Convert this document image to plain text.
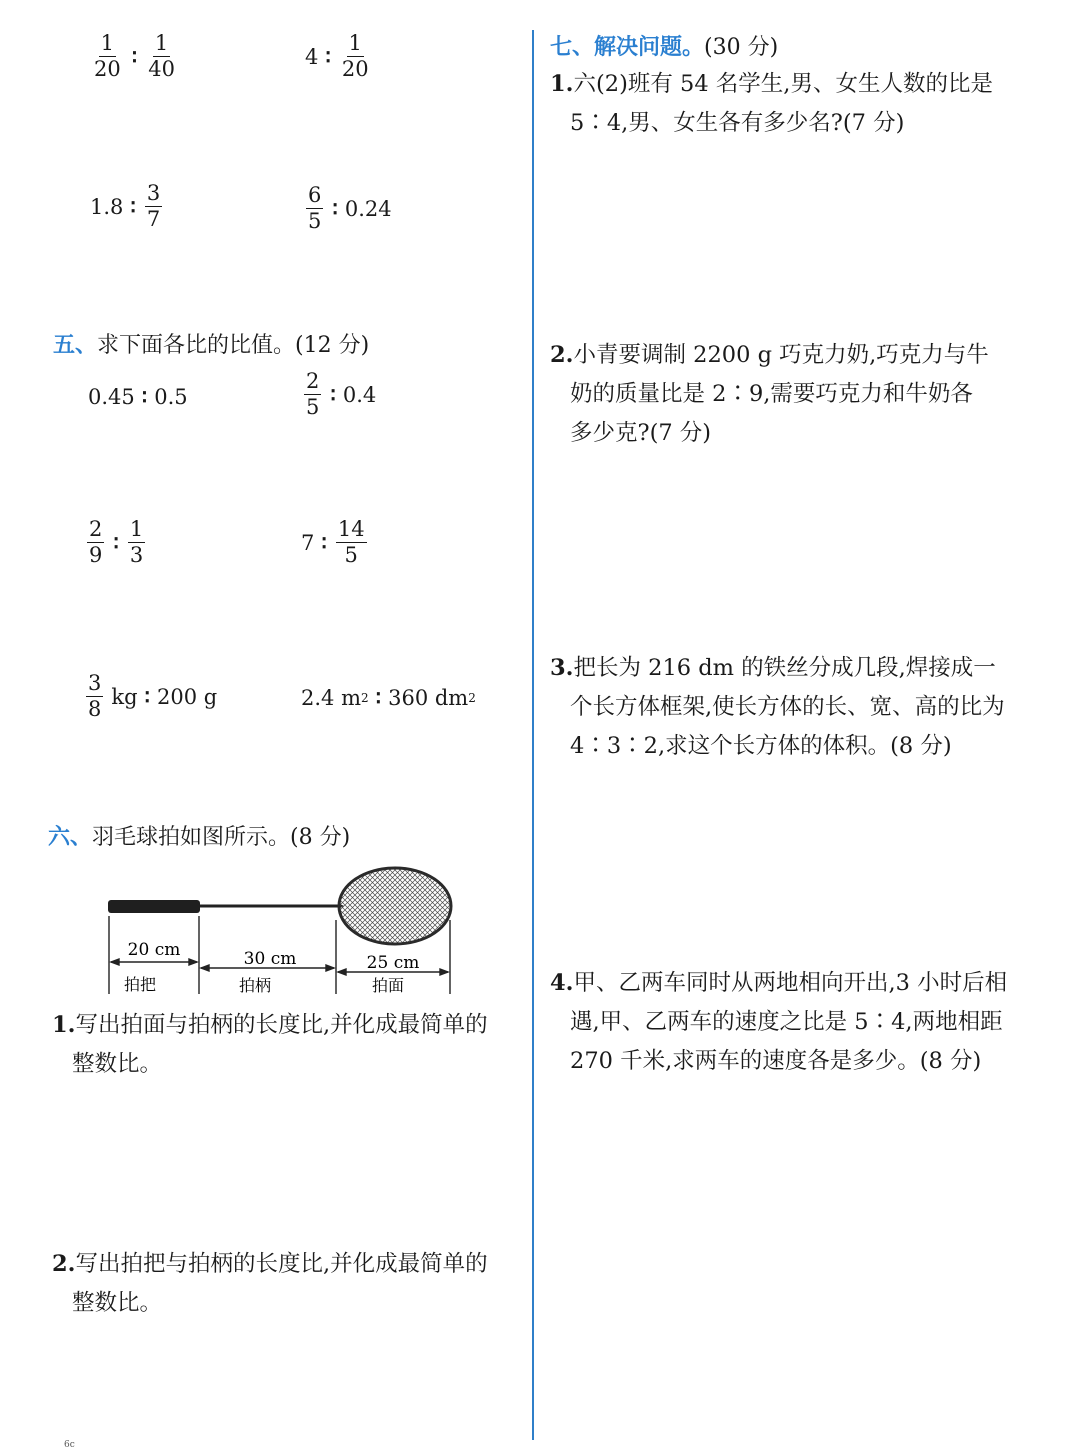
$\frac{1}{20}$ ∶ $\frac{1}{40}$	4 ∶ $\frac{1}{20}$
1.8 ∶ $\frac{3}{7}$	$\frac{6}{5}$ ∶ 0.24
五、求下面各比的比值。(12 分)
0.45 ∶ 0.5	$\frac{2}{5}$ ∶ 0.4
$\frac{2}{9}$ ∶ $\frac{1}{3}$	7 ∶ $\frac{14}{5}$
$\frac{3}{8}$ kg ∶ 200 g	2.4 m 2 ∶ 360 dm 2
六、羽毛球拍如图所示。(8 分)
20 cm	30 cm	25 cm
拍把	拍柄	拍面
1.写出拍面与拍柄的长度比,并化成最简单的
整数比。
2.写出拍把与拍柄的长度比,并化成最简单的
整数比。
七、解决问题。(30 分)
1.六(2)班有 54 名学生,男、女生人数的比是
5∶4,男、女生各有多少名?(7 分)
2.小青要调制 2200 g 巧克力奶,巧克力与牛
奶的质量比是 2∶9,需要巧克力和牛奶各
多少克?(7 分)
3.把长为 216 dm 的铁丝分成几段,焊接成一
个长方体框架,使长方体的长、宽、高的比为
4∶3∶2,求这个长方体的体积。(8 分)
4.甲、乙两车同时从两地相向开出,3 小时后相
遇,甲、乙两车的速度之比是 5∶4,两地相距
270 千米,求两车的速度各是多少。(8 分)
6c
